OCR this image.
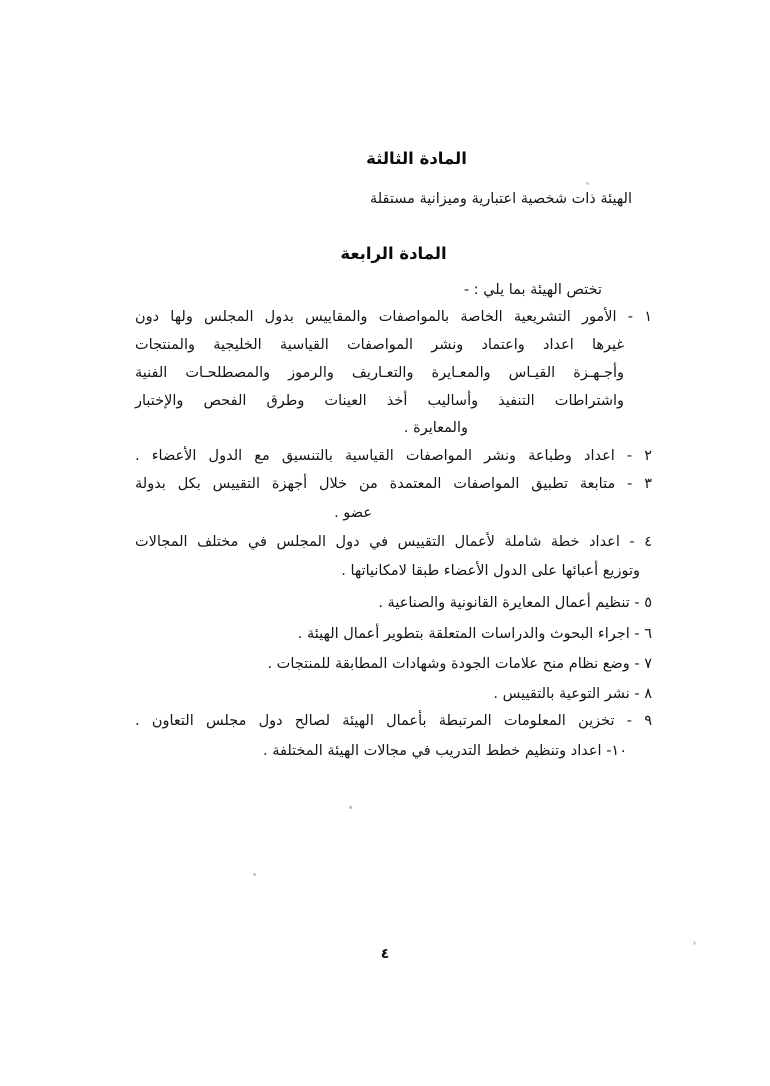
المادة الثالثة
الهيئة ذات شخصية اعتبارية وميزانية مستقلة
المادة الرابعة
تختص الهيئة بما يلي : -
١ - الأمور التشريعية الخاصة بالمواصفات والمقاييس بدول المجلس ولها دون
غيرها اعداد واعتماد ونشر المواصفات القياسية الخليجية والمنتجات
وأجـهـزة القيـاس والمعـايرة والتعـاريف والرموز والمصطلحـات الفنية
واشتراطات التنفيذ وأساليب أخذ العينات وطرق الفحص والإختبار
والمعايرة .
٢ - اعداد وطباعة ونشر المواصفات القياسية بالتنسيق مع الدول الأعضاء .
٣ - متابعة تطبيق المواصفات المعتمدة من خلال أجهزة التقييس بكل بدولة
عضو .
٤ - اعداد خطة شاملة لأعمال التقييس في دول المجلس في مختلف المجالات
وتوزيع أعبائها على الدول الأعضاء طبقا لامكانياتها .
٥ - تنظيم أعمال المعايرة القانونية والصناعية .
٦ - اجراء البحوث والدراسات المتعلقة بتطوير أعمال الهيئة .
٧ - وضع نظام منح علامات الجودة وشهادات المطابقة للمنتجات .
٨ - نشر التوعية بالتقييس .
٩ - تخزين المعلومات المرتبطة بأعمال الهيئة لصالح دول مجلس التعاون .
١٠- اعداد وتنظيم خطط التدريب في مجالات الهيئة المختلفة .
٤
